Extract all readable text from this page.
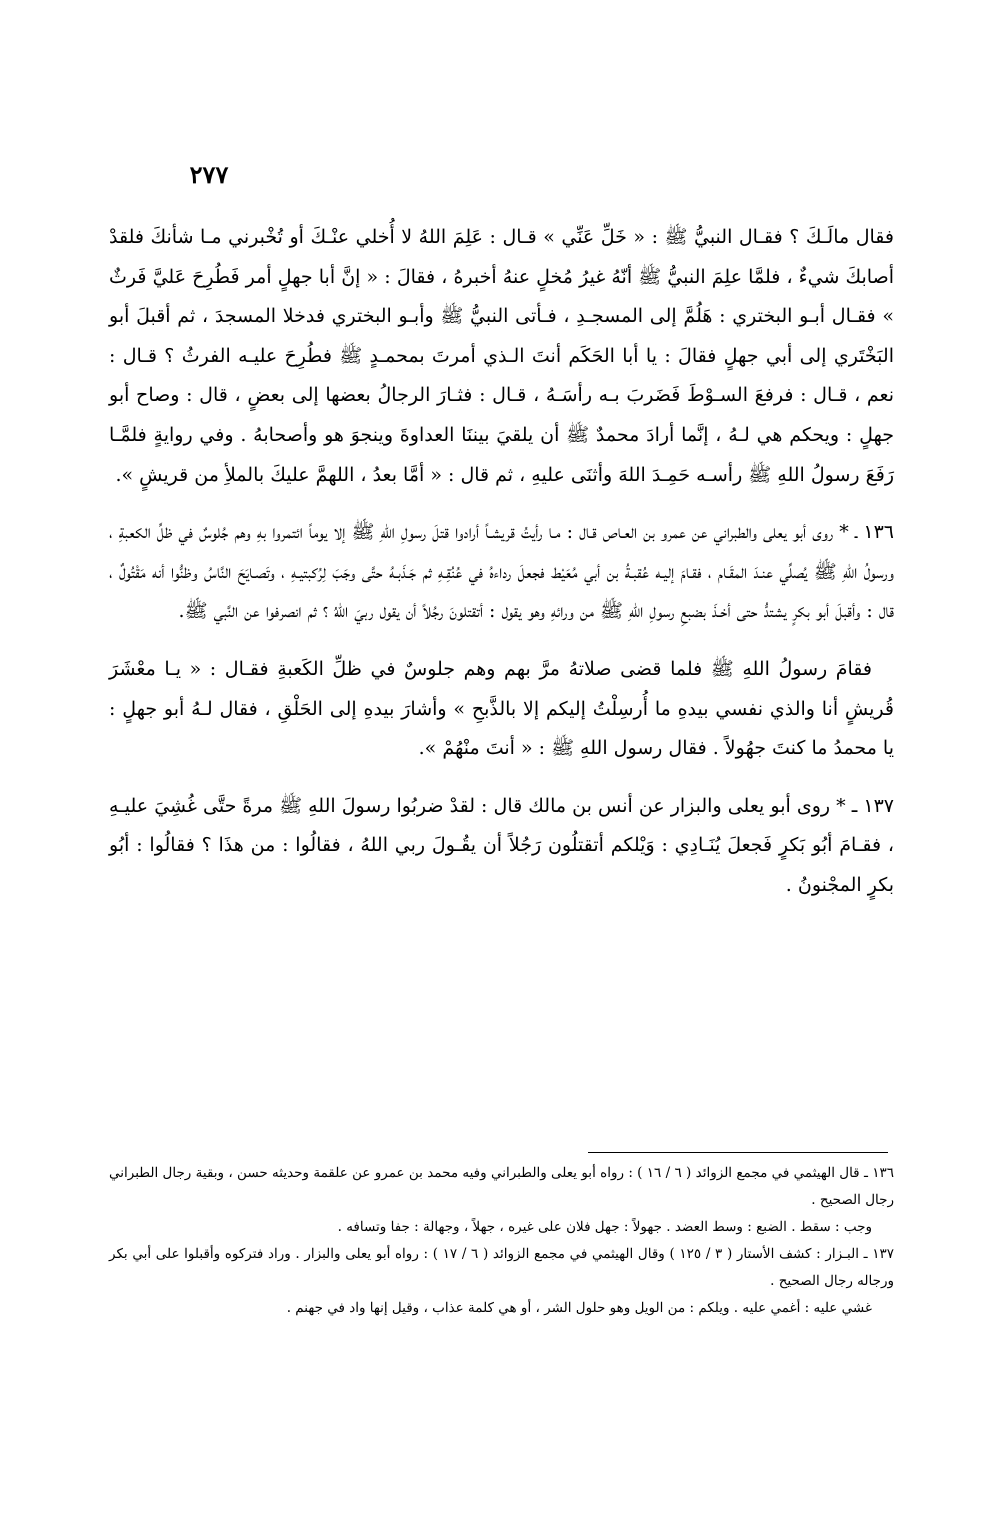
٢٧٧

فقال مالَـكَ ؟ فقـال النبيُّ ﷺ : « خَلِّ عَنِّي » قـال : عَلِمَ اللهُ لا أُخلي عنْـكَ أو تُخْبرني مـا شأنكَ فلقدْ أصابكَ شيءٌ ، فلمَّا علِمَ النبيُّ ﷺ أنّهُ غيرُ مُخلٍ عنهُ أخبرهُ ، فقالَ : « إنَّ أبا جهلٍ أمر فَطُرِحَ عَليَّ فَرثٌ » فقـال أبـو البختري : هَلُمَّ إلى المسجـدِ ، فـأتى النبيُّ ﷺ وأبـو البختري فدخلا المسجدَ ، ثم أقبلَ أبو البَخْتَري إلى أبي جهلٍ فقالَ : يا أبا الحَكَم أنتَ الـذي أمرتَ بمحمـدٍ ﷺ فطُرِحَ عليـه الفرثُ ؟ قـال : نعم ، قـال : فرفعَ السـوْطَ فَضَربَ بـه رأسَـهُ ، قـال : فثـارَ الرجالُ بعضها إلى بعضٍ ، قال : وصاح أبو جهلٍ : ويحكم هي لـهُ ، إنَّما أرادَ محمدٌ ﷺ أن يلقيَ بيننَا العداوةَ وينجوَ هو وأصحابهُ . وفي روايةٍ فلمَّـا رَفَعَ رسولُ اللهِ ﷺ رأسـه حَمِـدَ اللهَ وأثنَى عليهِ ، ثم قال : « أمَّا بعدُ ، اللهمَّ عليكَ بالملأِ من قريشٍ ».

١٣٦ ـ * روى أبو يعلى والطبراني عن عمرو بن العـاص قـال : مـا رأيتُ قريشـاً أرادوا قتلَ رسولِ اللهِ ﷺ إلا يوماً ائتمروا بهِ وهم جُلوسٌ في ظلِّ الكعبةِ ، ورسولُ اللهِ ﷺ يُصلِّي عنـدَ المقَـام ، فقـامَ إليـه عُقبـةُ بن أبي مُعَيْط فجعلَ رداءهُ في عُنُقِـهِ ثم جَـذَبـهُ حتَّى وجَبَ لِرُكبتيـهِ ، وتَصـايَحَ النَّاسُ وظنُّوا أنه مَقْتُولٌ ، قال : وأقبلَ أبو بكرٍ يشتدُّ حتى أخـذَ بضبعِ رسولِ اللهِ ﷺ من ورائهِ وهو يقول : أتقتلونَ رجُلاً أن يقول ربيَ اللهُ ؟ ثم انصرفوا عن النَّبي ﷺ.

فقامَ رسولُ اللهِ ﷺ فلما قضى صلاتهُ مرَّ بهم وهم جلوسٌ في ظلِّ الكَعبةِ فقـال : « يـا معْشَرَ قُريشٍ أنا والذي نفسي بيدهِ ما أُرسِلْتُ إليكم إلا بالذَّبحِ » وأشارَ بيدهِ إلى الحَلْقِ ، فقال لـهُ أبو جهلٍ : يا محمدُ ما كنتَ جهُولاً . فقال رسول اللهِ ﷺ : « أنتَ منْهُمْ ».

١٣٧ ـ * روى أبو يعلى والبزار عن أنس بن مالك قال : لقدْ ضربُوا رسولَ اللهِ ﷺ مرةً حتَّى غُشِيَ عليـهِ ، فقـامَ أبُو بَكرٍ فَجعلَ يُنَـادِي : وَيْلكم أتقتلُون رَجُلاً أن يقُـولَ ربي اللهُ ، فقالُوا : من هذَا ؟ فقالُوا : أبُو بكرٍ المجْنونُ .

١٣٦ ـ قال الهيثمي في مجمع الزوائد ( ٦ / ١٦ ) : رواه أبو يعلى والطبراني وفيه محمد بن عمرو عن علقمة وحديثه حسن ، وبقية رجال الطبراني رجال الصحيح .

وجب : سقط . الضبع : وسط العضد . جهولاً : جهل فلان على غيره ، جهلاً ، وجهالة : جفا وتسافه .

١٣٧ ـ البـزار : كشف الأستار ( ٣ / ١٢٥ ) وقال الهيثمي في مجمع الزوائد ( ٦ / ١٧ ) : رواه أبو يعلى والبزار . وراد فتركوه وأقبلوا على أبي بكر ورجاله رجال الصحيح .

غشي عليه : أغمي عليه . ويلكم : من الويل وهو حلول الشر ، أو هي كلمة عذاب ، وقيل إنها واد في جهنم .
